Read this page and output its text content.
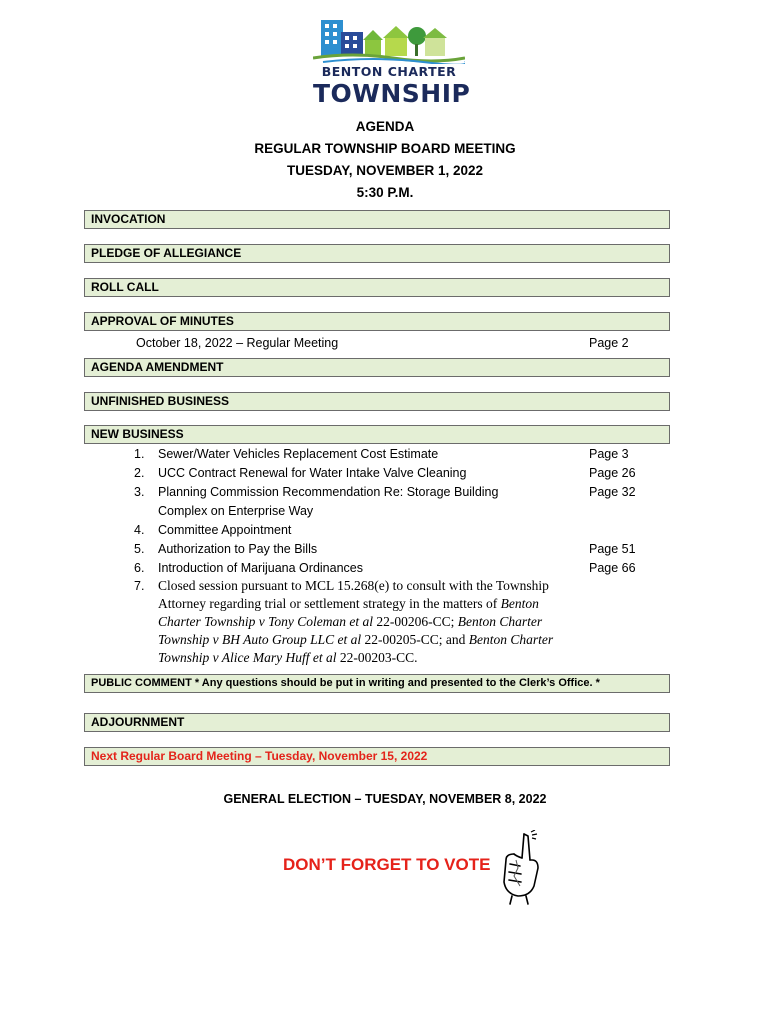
BENTON CHARTER
TOWNSHIP
AGENDA
REGULAR TOWNSHIP BOARD MEETING
TUESDAY, NOVEMBER 1, 2022
5:30 P.M.
INVOCATION
PLEDGE OF ALLEGIANCE
ROLL CALL
APPROVAL OF MINUTES
October 18, 2022 – Regular Meeting	Page 2
AGENDA AMENDMENT
UNFINISHED BUSINESS
NEW BUSINESS
1. Sewer/Water Vehicles Replacement Cost Estimate	Page 3
2. UCC Contract Renewal for Water Intake Valve Cleaning	Page 26
3. Planning Commission Recommendation Re: Storage Building	Page 32
Complex on Enterprise Way
4. Committee Appointment
5. Authorization to Pay the Bills	Page 51
6. Introduction of Marijuana Ordinances	Page 66
7. Closed session pursuant to MCL 15.268(e) to consult with the Township
Attorney regarding trial or settlement strategy in the matters of Benton
Charter Township v Tony Coleman et al 22-00206-CC; Benton Charter
Township v BH Auto Group LLC et al 22-00205-CC; and Benton Charter
Township v Alice Mary Huff et al 22-00203-CC.
PUBLIC COMMENT * Any questions should be put in writing and presented to the Clerk’s Office. *
ADJOURNMENT
Next Regular Board Meeting – Tuesday, November 15, 2022
GENERAL ELECTION – TUESDAY, NOVEMBER 8, 2022
DON’T FORGET TO VOTE
